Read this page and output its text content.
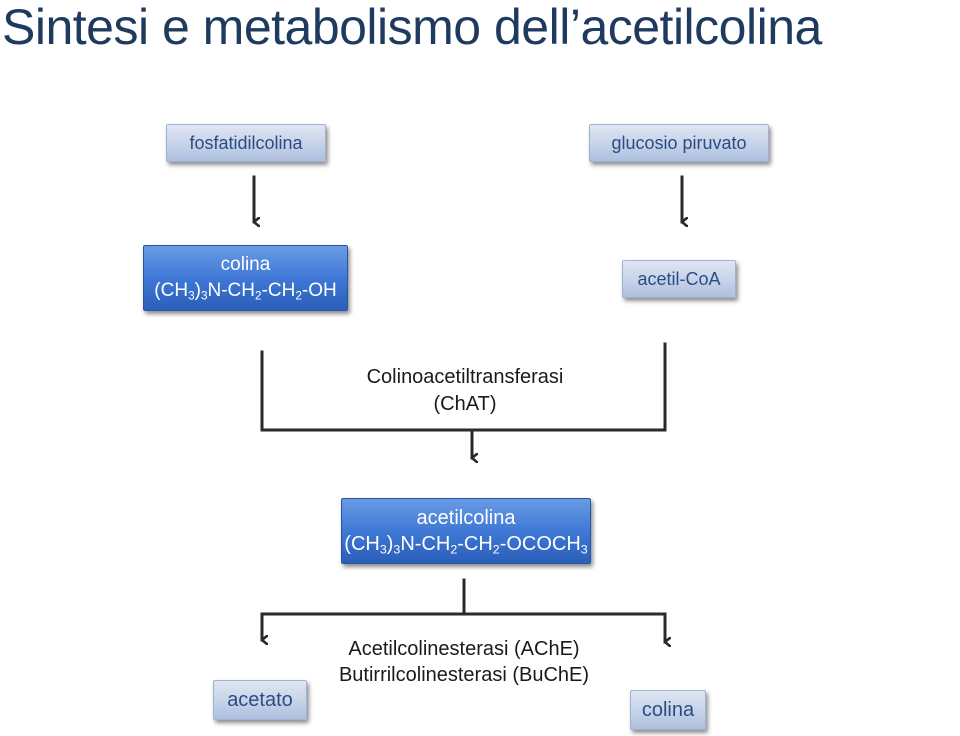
Sintesi e metabolismo dell’acetilcolina
fosfatidilcolina	glucosio piruvato
colina
$(CH_3)_3N-CH_2-CH_2-OH$
acetil-CoA
Colinoacetiltransferasi
(ChAT)
acetilcolina
$(CH_3)_3N-CH_2-CH_2-OCOCH_3$
Acetilcolinesterasi (AChE)
Butirrilcolinesterasi (BuChE)
acetato	colina
